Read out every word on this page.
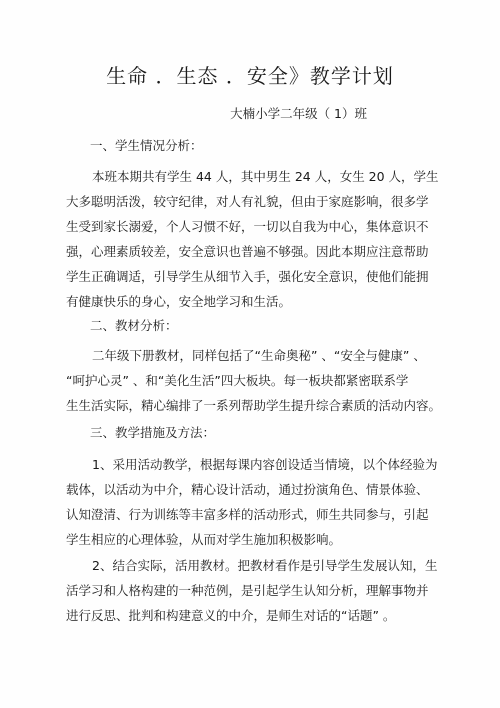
生命 ．生态 ．安全》教学计划

大楠小学二年级（ 1）班

一、学生情况分析：
本班本期共有学生 44 人，其中男生 24 人，女生 20 人，学生
大多聪明活泼，较守纪律，对人有礼貌，但由于家庭影响，很多学
生受到家长溺爱，个人习惯不好，一切以自我为中心，集体意识不
强，心理素质较差，安全意识也普遍不够强。因此本期应注意帮助
学生正确调适，引导学生从细节入手，强化安全意识，使他们能拥
有健康快乐的身心，安全地学习和生活。
二、教材分析：
二年级下册教材，同样包括了“生命奥秘” 、“安全与健康” 、
“呵护心灵” 、和“美化生活”四大板块。每一板块都紧密联系学
生生活实际，精心编排了一系列帮助学生提升综合素质的活动内容。
三、教学措施及方法：
1、采用活动教学，根据每课内容创设适当情境，以个体经验为
载体，以活动为中介，精心设计活动，通过扮演角色、情景体验、
认知澄清、行为训练等丰富多样的活动形式，师生共同参与，引起
学生相应的心理体验，从而对学生施加积极影响。
2、结合实际，活用教材。把教材看作是引导学生发展认知，生
活学习和人格构建的一种范例，是引起学生认知分析，理解事物并
进行反思、批判和构建意义的中介，是师生对话的“话题” 。
